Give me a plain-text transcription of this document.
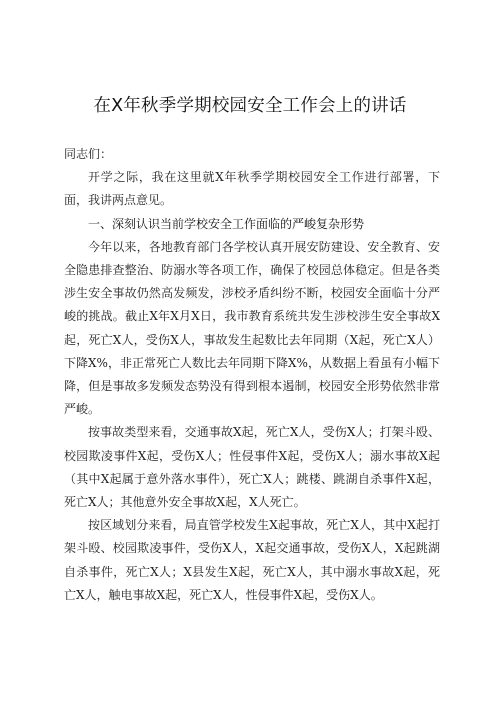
在X年秋季学期校园安全工作会上的讲话

同志们：

开学之际，我在这里就X年秋季学期校园安全工作进行部署，下面，我讲两点意见。

一、深刻认识当前学校安全工作面临的严峻复杂形势

今年以来，各地教育部门各学校认真开展安防建设、安全教育、安全隐患排查整治、防溺水等各项工作，确保了校园总体稳定。但是各类涉生安全事故仍然高发频发，涉校矛盾纠纷不断，校园安全面临十分严峻的挑战。截止X年X月X日，我市教育系统共发生涉校涉生安全事故X起，死亡X人，受伤X人，事故发生起数比去年同期（X起，死亡X人）下降X%，非正常死亡人数比去年同期下降X%，从数据上看虽有小幅下降，但是事故多发频发态势没有得到根本遏制，校园安全形势依然非常严峻。

按事故类型来看，交通事故X起，死亡X人，受伤X人；打架斗殴、校园欺凌事件X起，受伤X人；性侵事件X起，受伤X人；溺水事故X起（其中X起属于意外落水事件），死亡X人；跳楼、跳湖自杀事件X起，死亡X人；其他意外安全事故X起，X人死亡。

按区域划分来看，局直管学校发生X起事故，死亡X人，其中X起打架斗殴、校园欺凌事件，受伤X人，X起交通事故，受伤X人，X起跳湖自杀事件，死亡X人；X县发生X起，死亡X人，其中溺水事故X起，死亡X人，触电事故X起，死亡X人，性侵事件X起，受伤X人。
